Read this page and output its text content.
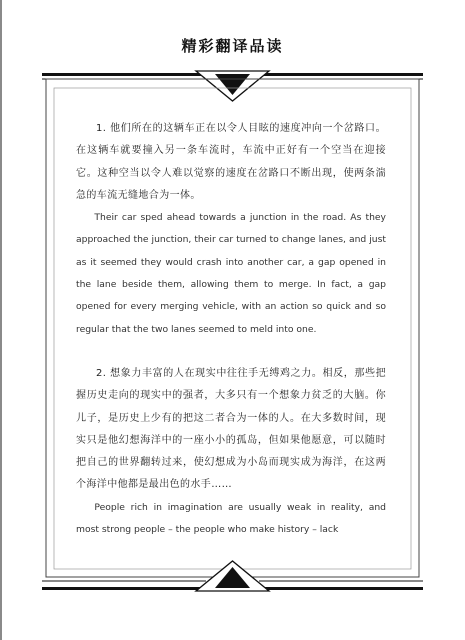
精彩翻译品读

1. 他们所在的这辆车正在以令人目眩的速度冲向一个岔路口。在这辆车就要撞入另一条车流时，车流中正好有一个空当在迎接它。这种空当以令人难以觉察的速度在岔路口不断出现，使两条湍急的车流无缝地合为一体。

Their car sped ahead towards a junction in the road. As they approached the junction, their car turned to change lanes, and just as it seemed they would crash into another car, a gap opened in the lane beside them, allowing them to merge. In fact, a gap opened for every merging vehicle, with an action so quick and so regular that the two lanes seemed to meld into one.

2. 想象力丰富的人在现实中往往手无缚鸡之力。相反，那些把握历史走向的现实中的强者，大多只有一个想象力贫乏的大脑。你儿子，是历史上少有的把这二者合为一体的人。在大多数时间，现实只是他幻想海洋中的一座小小的孤岛，但如果他愿意，可以随时把自己的世界翻转过来，使幻想成为小岛而现实成为海洋，在这两个海洋中他都是最出色的水手……

People rich in imagination are usually weak in reality, and most strong people – the people who make history – lack
